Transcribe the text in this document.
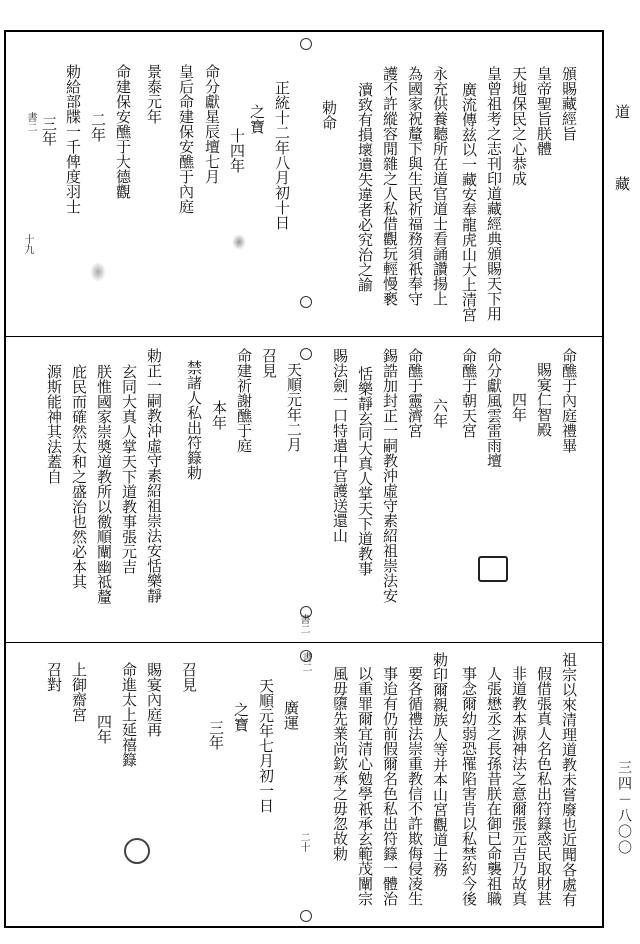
道
藏
三四－八〇〇
頒賜藏經旨
皇帝聖旨朕體
天地保民之心恭成
皇曾祖考之志刊印道藏經典頒賜天下用
廣流傳兹以一藏安奉龍虎山大上清宮
永充供養聽所在道官道士看誦讚揚上
為國家祝釐下與生民祈福務須祇奉守
護不許縱容閒雜之人私借觀玩輕慢褻
瀆致有損壞遺失違者必究治之諭
勅命
正統十二年八月初十日
之寶
十四年
命分獻星辰壇七月
皇后命建保安醮于內庭
景泰元年
命建保安醮于大德觀
二年
勅給部牒一千俾度羽士
三年
書二
十九
命醮于內庭禮畢
賜宴仁智殿
四年
命分獻風雲雷雨壇
命醮于朝天宮
六年
命醮于靈濟宮
錫誥加封正一嗣教沖虛守素紹祖崇法安
恬樂靜玄同大真人掌天下道教事
賜法劍一口特遣中官護送還山
天順元年二月
召見
命建祈謝醮于庭
本年
禁諸人私出符籙勅
勅正一嗣教沖虛守素紹祖崇法安恬樂靜
玄同大真人掌天下道教事張元吉
朕惟國家崇奬道教所以徼順闡幽祗釐
庇民而確然太和之盛治也然必本其
源斯能神其法蓋自
書二
祖宗以來清理道教未嘗廢也近聞各處有
假借張真人名色私出符籙惑民取財甚
非道教本源神法之意爾張元吉乃故真
人張懋丞之長孫昔朕在御已命襲祖職
事念爾幼弱恐罹陷害肯以私禁約今後
勅印爾親族人等并本山宮觀道士務
要各循禮法崇重教信不許欺侮侵凌生
事迨有仍前假爾名色私出符籙一體治
以重罪爾宜清心勉學祇承玄範茂闡宗
風毋隳先業尚欽承之毋忽故勅
書二
廣運
天順元年七月初一日
之寶
三年
召見
賜宴內庭再
命進太上延禧籙
四年
上御齋宮
召對
二十
